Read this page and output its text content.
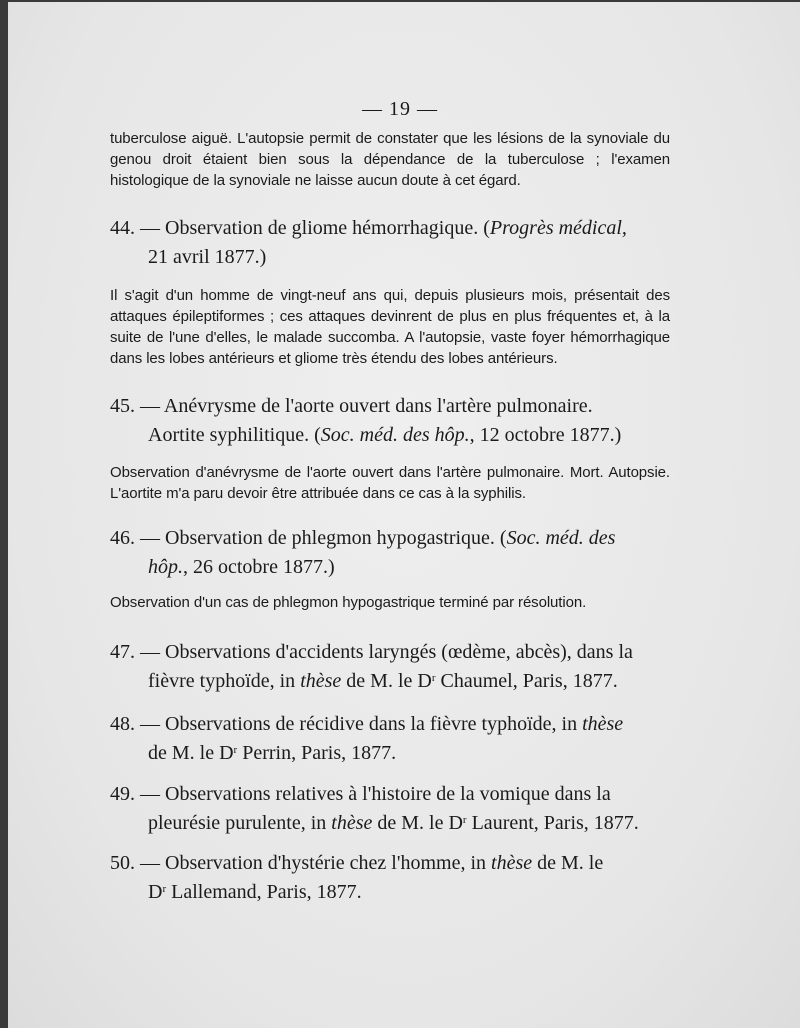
— 19 —
tuberculose aiguë. L'autopsie permit de constater que les lésions de la synoviale du genou droit étaient bien sous la dépendance de la tuberculose ; l'examen histologique de la synoviale ne laisse aucun doute à cet égard.
44. — Observation de gliome hémorrhagique. (Progrès médical,
21 avril 1877.)
Il s'agit d'un homme de vingt-neuf ans qui, depuis plusieurs mois, présentait des attaques épileptiformes ; ces attaques devinrent de plus en plus fréquentes et, à la suite de l'une d'elles, le malade succomba. A l'autopsie, vaste foyer hémorrhagique dans les lobes antérieurs et gliome très étendu des lobes antérieurs.
45. — Anévrysme de l'aorte ouvert dans l'artère pulmonaire.
Aortite syphilitique. (Soc. méd. des hôp., 12 octobre 1877.)
Observation d'anévrysme de l'aorte ouvert dans l'artère pulmonaire. Mort. Autopsie. L'aortite m'a paru devoir être attribuée dans ce cas à la syphilis.
46. — Observation de phlegmon hypogastrique. (Soc. méd. des
hôp., 26 octobre 1877.)
Observation d'un cas de phlegmon hypogastrique terminé par résolution.
47. — Observations d'accidents laryngés (œdème, abcès), dans la
fièvre typhoïde, in thèse de M. le $D^r$ Chaumel, Paris, 1877.
48. — Observations de récidive dans la fièvre typhoïde, in thèse
de M. le $D^r$ Perrin, Paris, 1877.
49. — Observations relatives à l'histoire de la vomique dans la
pleurésie purulente, in thèse de M. le $D^r$ Laurent, Paris, 1877.
50. — Observation d'hystérie chez l'homme, in thèse de M. le
$D^r$ Lallemand, Paris, 1877.
